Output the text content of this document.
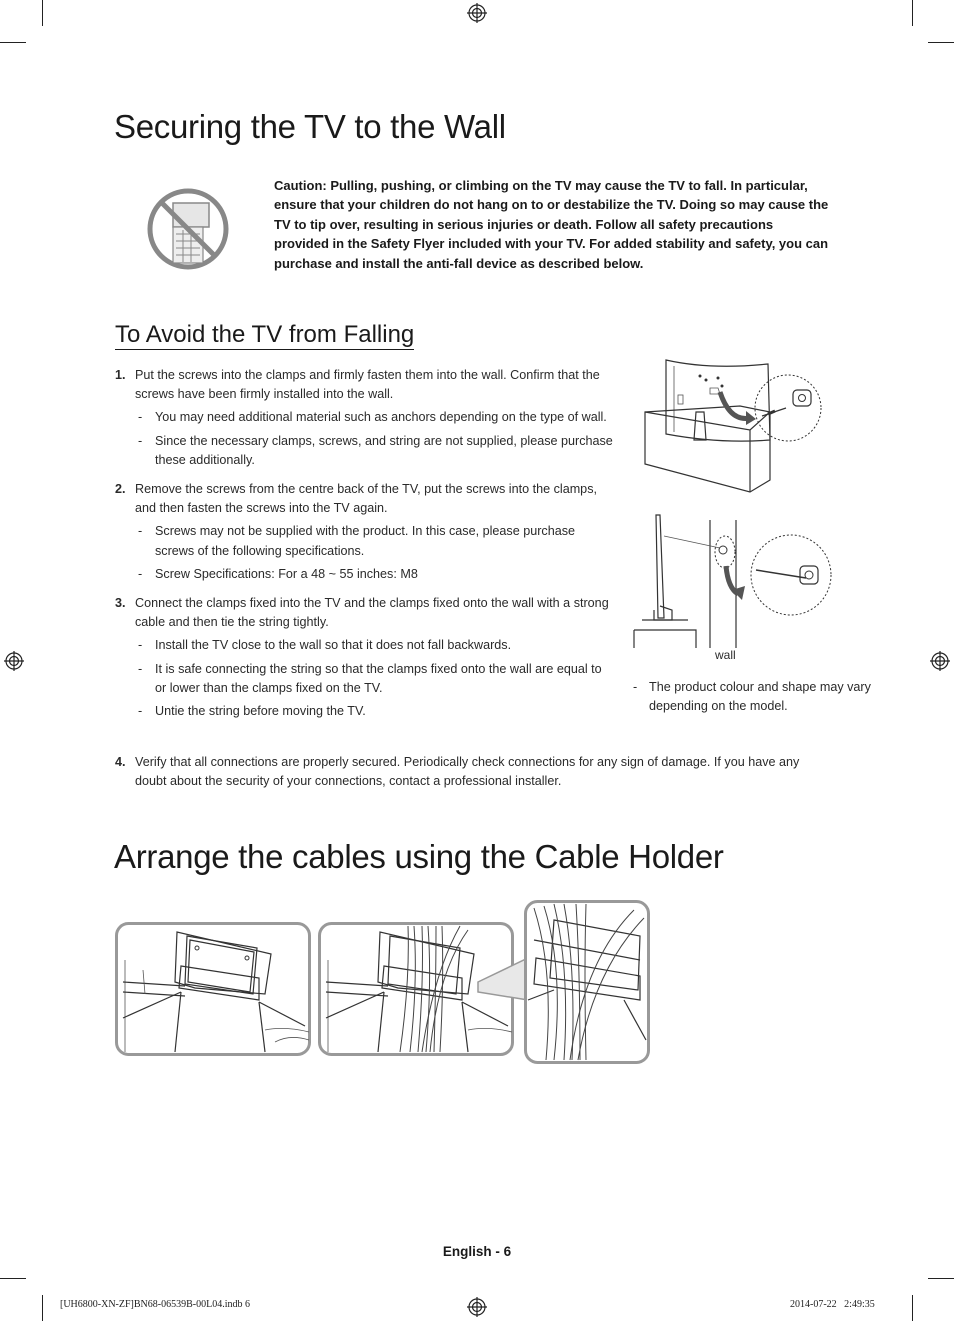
Securing the TV to the Wall
Caution: Pulling, pushing, or climbing on the TV may cause the TV to fall. In particular, ensure that your children do not hang on to or destabilize the TV. Doing so may cause the TV to tip over, resulting in serious injuries or death. Follow all safety precautions provided in the Safety Flyer included with your TV. For added stability and safety, you can purchase and install the anti-fall device as described below.
To Avoid the TV from Falling
1. Put the screws into the clamps and firmly fasten them into the wall. Confirm that the screws have been firmly installed into the wall.
- You may need additional material such as anchors depending on the type of wall.
- Since the necessary clamps, screws, and string are not supplied, please purchase these additionally.
2. Remove the screws from the centre back of the TV, put the screws into the clamps, and then fasten the screws into the TV again.
- Screws may not be supplied with the product. In this case, please purchase screws of the following specifications.
- Screw Specifications: For a 48 ~ 55 inches: M8
3. Connect the clamps fixed into the TV and the clamps fixed onto the wall with a strong cable and then tie the string tightly.
- Install the TV close to the wall so that it does not fall backwards.
- It is safe connecting the string so that the clamps fixed onto the wall are equal to or lower than the clamps fixed on the TV.
- Untie the string before moving the TV.
4. Verify that all connections are properly secured. Periodically check connections for any sign of damage. If you have any doubt about the security of your connections, contact a professional installer.
wall
- The product colour and shape may vary depending on the model.
Arrange the cables using the Cable Holder
English - 6
[UH6800-XN-ZF]BN68-06539B-00L04.indb 6	2014-07-22   2:49:35
